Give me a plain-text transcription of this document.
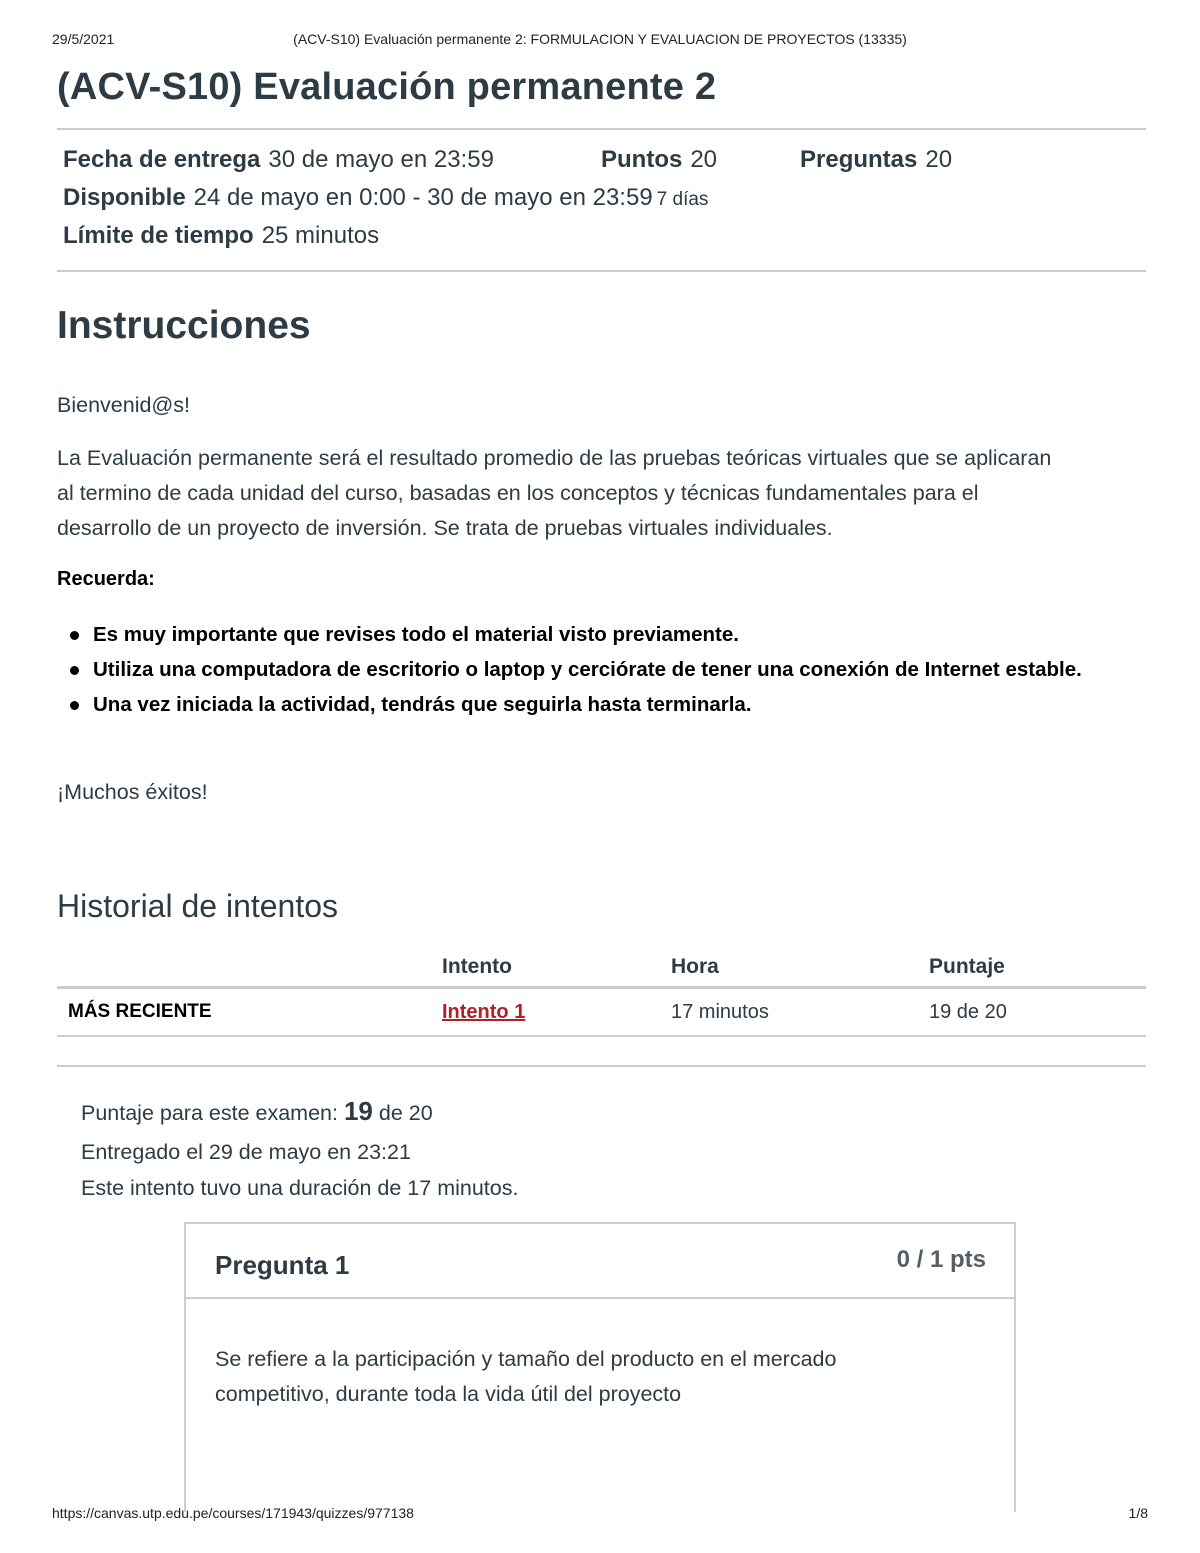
29/5/2021	(ACV-S10) Evaluación permanente 2: FORMULACION Y EVALUACION DE PROYECTOS (13335)
(ACV-S10) Evaluación permanente 2
Fecha de entrega 30 de mayo en 23:59	Puntos 20	Preguntas 20
Disponible 24 de mayo en 0:00 - 30 de mayo en 23:59 7 días
Límite de tiempo 25 minutos
Instrucciones

Bienvenid@s!

La Evaluación permanente será el resultado promedio de las pruebas teóricas virtuales que se aplicaran

al termino de cada unidad del curso, basadas en los conceptos y técnicas fundamentales para el

desarrollo de un proyecto de inversión. Se trata de pruebas virtuales individuales.

Recuerda:
Es muy importante que revises todo el material visto previamente.
Utiliza una computadora de escritorio o laptop y cerciórate de tener una conexión de Internet estable.
Una vez iniciada la actividad, tendrás que seguirla hasta terminarla.

¡Muchos éxitos!

Historial de intentos
	Intento	Hora	Puntaje
MÁS RECIENTE	Intento 1	17 minutos	19 de 20
Puntaje para este examen: 19 de 20
Entregado el 29 de mayo en 23:21
Este intento tuvo una duración de 17 minutos.
Pregunta 1	0 / 1 pts
Se refiere a la participación y tamaño del producto en el mercado competitivo, durante toda la vida útil del proyecto
https://canvas.utp.edu.pe/courses/171943/quizzes/977138	1/8
